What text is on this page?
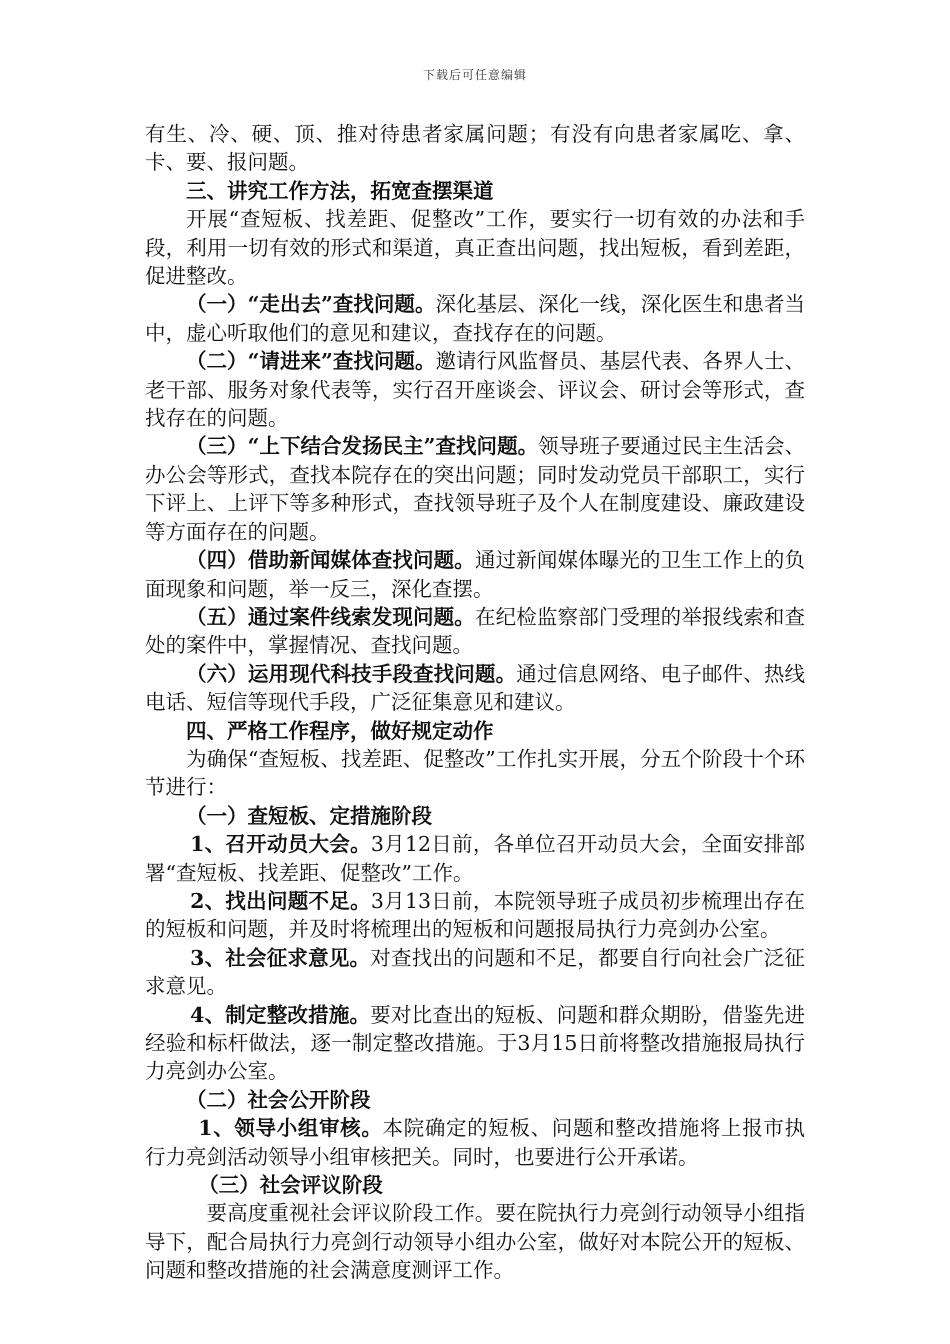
下载后可任意编辑

有生、冷、硬、顶、推对待患者家属问题；有没有向患者家属吃、拿、卡、要、报问题。

三、讲究工作方法，拓宽查摆渠道

开展“查短板、找差距、促整改”工作，要实行一切有效的办法和手段，利用一切有效的形式和渠道，真正查出问题，找出短板，看到差距，促进整改。

（一）“走出去”查找问题。深化基层、深化一线，深化医生和患者当中，虚心听取他们的意见和建议，查找存在的问题。

（二）“请进来”查找问题。邀请行风监督员、基层代表、各界人士、老干部、服务对象代表等，实行召开座谈会、评议会、研讨会等形式，查找存在的问题。

（三）“上下结合发扬民主”查找问题。领导班子要通过民主生活会、办公会等形式，查找本院存在的突出问题；同时发动党员干部职工，实行下评上、上评下等多种形式，查找领导班子及个人在制度建设、廉政建设等方面存在的问题。

（四）借助新闻媒体查找问题。通过新闻媒体曝光的卫生工作上的负面现象和问题，举一反三，深化查摆。

（五）通过案件线索发现问题。在纪检监察部门受理的举报线索和查处的案件中，掌握情况、查找问题。

（六）运用现代科技手段查找问题。通过信息网络、电子邮件、热线电话、短信等现代手段，广泛征集意见和建议。

四、严格工作程序，做好规定动作

为确保“查短板、找差距、促整改”工作扎实开展，分五个阶段十个环节进行：

（一）查短板、定措施阶段

1、召开动员大会。3月12日前，各单位召开动员大会，全面安排部署“查短板、找差距、促整改”工作。

2、找出问题不足。3月13日前，本院领导班子成员初步梳理出存在的短板和问题，并及时将梳理出的短板和问题报局执行力亮剑办公室。

3、社会征求意见。对查找出的问题和不足，都要自行向社会广泛征求意见。

4、制定整改措施。要对比查出的短板、问题和群众期盼，借鉴先进经验和标杆做法，逐一制定整改措施。于3月15日前将整改措施报局执行力亮剑办公室。

（二）社会公开阶段

1、领导小组审核。本院确定的短板、问题和整改措施将上报市执行力亮剑活动领导小组审核把关。同时，也要进行公开承诺。

（三）社会评议阶段

要高度重视社会评议阶段工作。要在院执行力亮剑行动领导小组指导下，配合局执行力亮剑行动领导小组办公室，做好对本院公开的短板、问题和整改措施的社会满意度测评工作。
